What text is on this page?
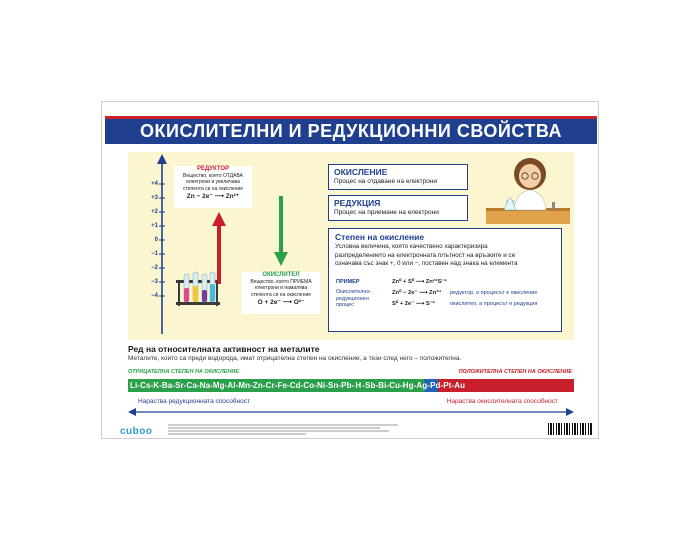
ОКИСЛИТЕЛНИ И РЕДУКЦИОННИ СВОЙСТВА
+4
+3
+2
+1
0
−1
−2
−3
−4
РЕДУКТОР
Вещество, което ОТДАВА
електрони и увеличава
степента си на окисление
Zn − 2e⁻ ⟶ Zn²⁺
ОКИСЛИТЕЛ
Вещество, което ПРИЕМА
електрони и намалява
степента си на окисление
O + 2e⁻ ⟶ O²⁻
ОКИСЛЕНИЕ
Процес на отдаване на електрони
РЕДУКЦИЯ
Процес на приемане на електрони
Степен на окисление
Условна величина, която качествено характеризира
разпределението на електронната плътност на връзките и се
означава със знак +, 0 или −, поставен над знака на елемента
ПРИМЕР
Окислително-
редукционен
процес
Zn⁰ + S⁰ ⟶ Zn²⁺S⁻²
Zn⁰ − 2e⁻ ⟶ Zn⁺²
S⁰ + 2e⁻ ⟶ S⁻²
редуктор, а процесът е окисление
окислител, а процесът е редукция
Ред на относителната активност на металите
Металите, които са преди водорода, имат отрицателна степен на окисление, а тези след него – положителна.
ОТРИЦАТЕЛНА СТЕПЕН НА ОКИСЛЕНИЕ	ПОЛОЖИТЕЛНА СТЕПЕН НА ОКИСЛЕНИЕ
Li-Cs-K-Ba-Sr-Ca-Na-Mg-Al-Mn-Zn-Cr-Fe-Cd-Co-Ni-Sn-Pb-H-Sb-Bi-Cu-Hg-Ag-Pd-Pt-Au
Нараства редукционната способност	Нараства окислителната способност
cuboo
